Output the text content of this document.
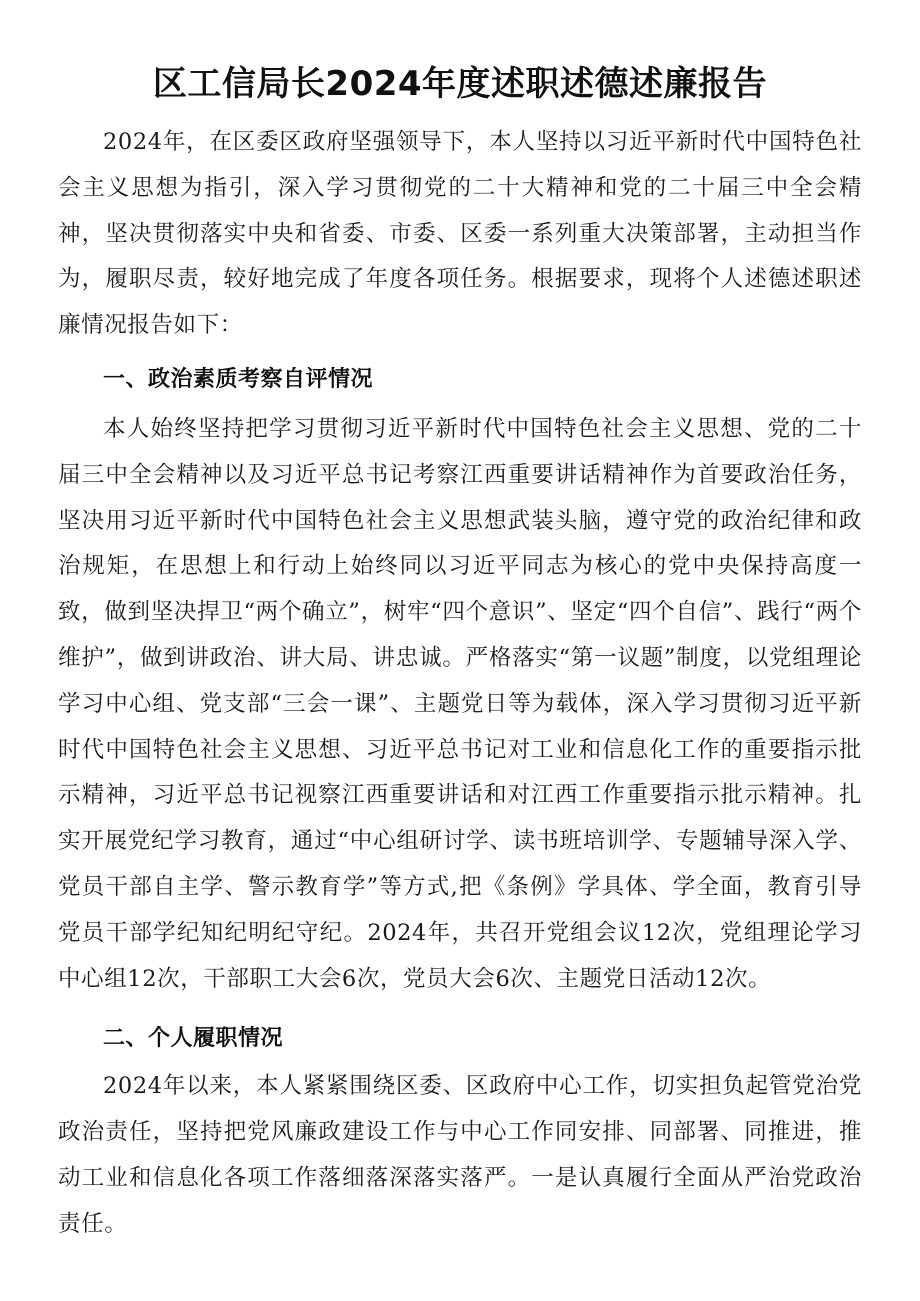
区工信局长2024年度述职述德述廉报告

2024年，在区委区政府坚强领导下，本人坚持以习近平新时代中国特色社会主义思想为指引，深入学习贯彻党的二十大精神和党的二十届三中全会精神，坚决贯彻落实中央和省委、市委、区委一系列重大决策部署，主动担当作为，履职尽责，较好地完成了年度各项任务。根据要求，现将个人述德述职述廉情况报告如下：

一、政治素质考察自评情况

本人始终坚持把学习贯彻习近平新时代中国特色社会主义思想、党的二十届三中全会精神以及习近平总书记考察江西重要讲话精神作为首要政治任务，坚决用习近平新时代中国特色社会主义思想武装头脑，遵守党的政治纪律和政治规矩，在思想上和行动上始终同以习近平同志为核心的党中央保持高度一致，做到坚决捍卫“两个确立”，树牢“四个意识”、坚定“四个自信”、践行“两个维护”，做到讲政治、讲大局、讲忠诚。严格落实“第一议题”制度，以党组理论学习中心组、党支部“三会一课”、主题党日等为载体，深入学习贯彻习近平新时代中国特色社会主义思想、习近平总书记对工业和信息化工作的重要指示批示精神，习近平总书记视察江西重要讲话和对江西工作重要指示批示精神。扎实开展党纪学习教育，通过“中心组研讨学、读书班培训学、专题辅导深入学、党员干部自主学、警示教育学”等方式,把《条例》学具体、学全面，教育引导党员干部学纪知纪明纪守纪。2024年，共召开党组会议12次，党组理论学习中心组12次，干部职工大会6次，党员大会6次、主题党日活动12次。

二、个人履职情况

2024年以来，本人紧紧围绕区委、区政府中心工作，切实担负起管党治党政治责任，坚持把党风廉政建设工作与中心工作同安排、同部署、同推进，推动工业和信息化各项工作落细落深落实落严。一是认真履行全面从严治党政治责任。
